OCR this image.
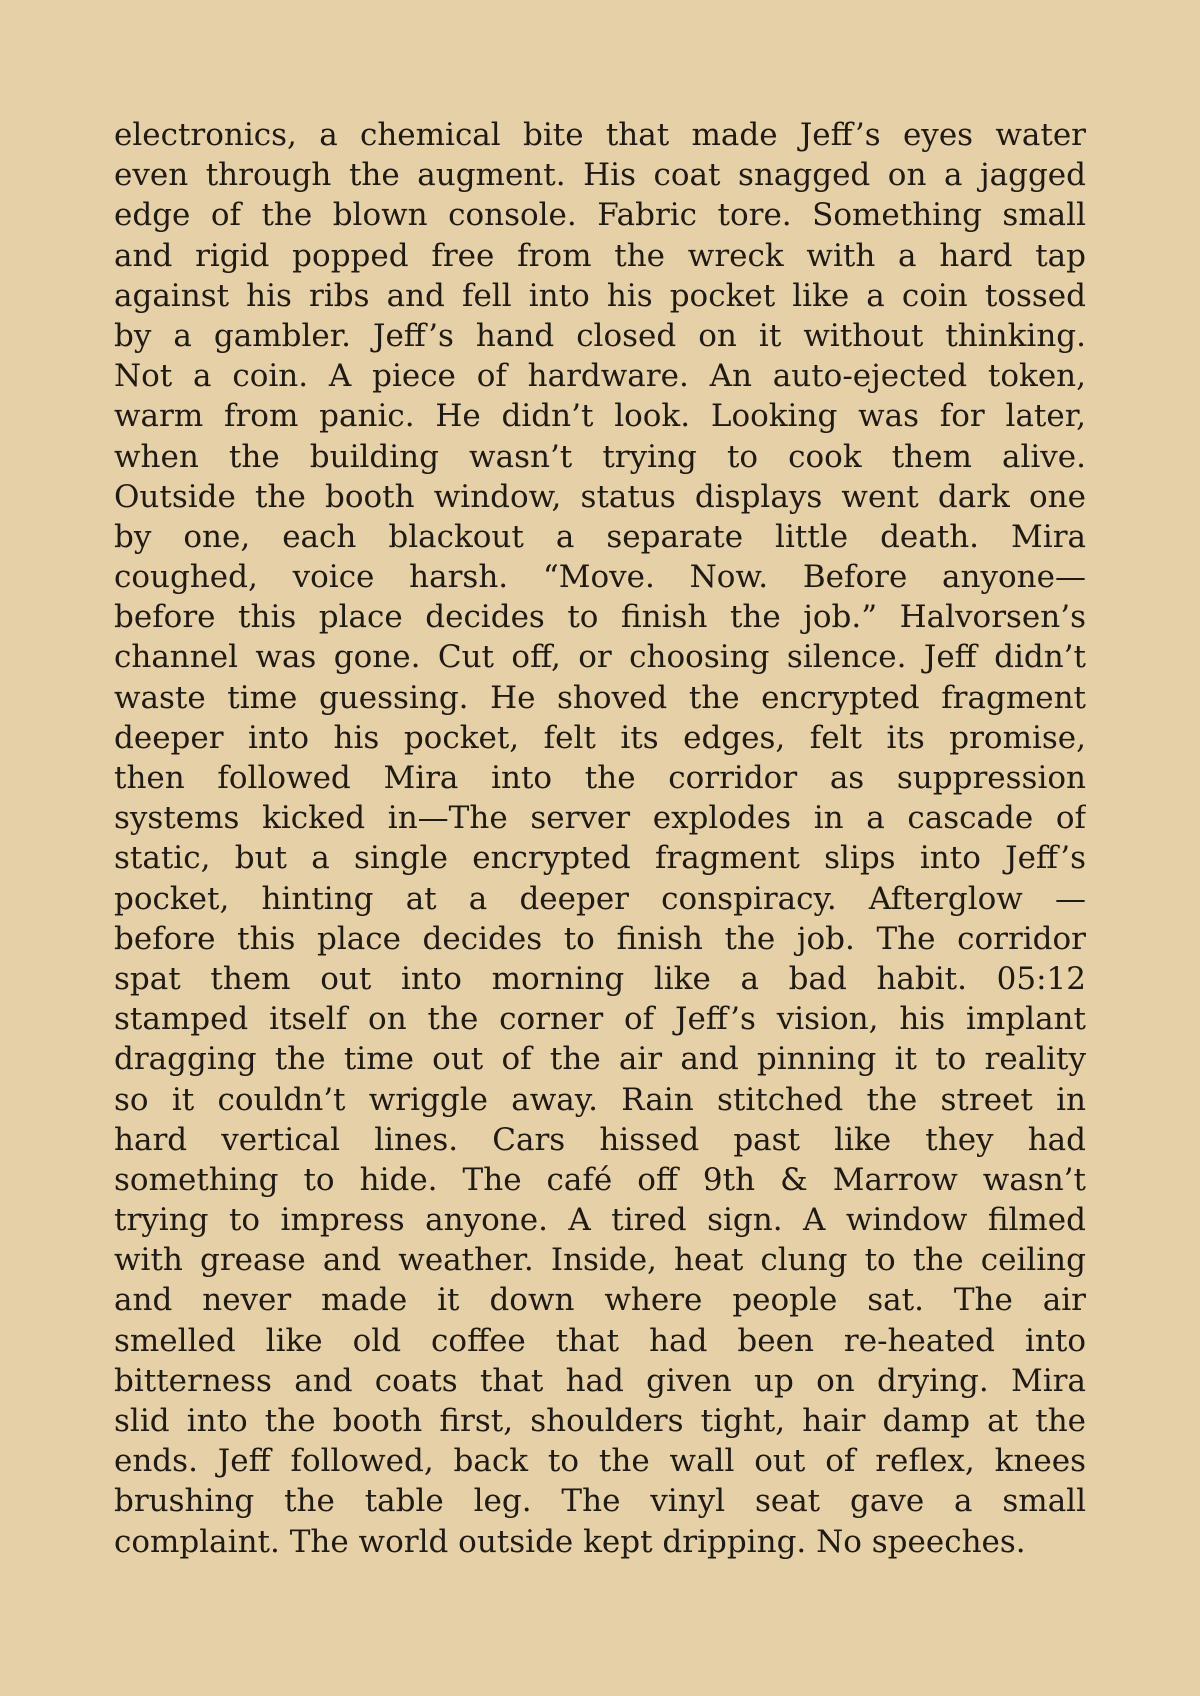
electronics, a chemical bite that made Jeff’s eyes water
even through the augment. His coat snagged on a jagged
edge of the blown console. Fabric tore. Something small
and rigid popped free from the wreck with a hard tap
against his ribs and fell into his pocket like a coin tossed
by a gambler. Jeff’s hand closed on it without thinking.
Not a coin. A piece of hardware. An auto-ejected token,
warm from panic. He didn’t look. Looking was for later,
when the building wasn’t trying to cook them alive.
Outside the booth window, status displays went dark one
by one, each blackout a separate little death. Mira
coughed, voice harsh. “Move. Now. Before anyone—
before this place decides to finish the job.” Halvorsen’s
channel was gone. Cut off, or choosing silence. Jeff didn’t
waste time guessing. He shoved the encrypted fragment
deeper into his pocket, felt its edges, felt its promise,
then followed Mira into the corridor as suppression
systems kicked in—The server explodes in a cascade of
static, but a single encrypted fragment slips into Jeff’s
pocket, hinting at a deeper conspiracy. Afterglow —
before this place decides to finish the job. The corridor
spat them out into morning like a bad habit. 05:12
stamped itself on the corner of Jeff’s vision, his implant
dragging the time out of the air and pinning it to reality
so it couldn’t wriggle away. Rain stitched the street in
hard vertical lines. Cars hissed past like they had
something to hide. The café off 9th & Marrow wasn’t
trying to impress anyone. A tired sign. A window filmed
with grease and weather. Inside, heat clung to the ceiling
and never made it down where people sat. The air
smelled like old coffee that had been re-heated into
bitterness and coats that had given up on drying. Mira
slid into the booth first, shoulders tight, hair damp at the
ends. Jeff followed, back to the wall out of reflex, knees
brushing the table leg. The vinyl seat gave a small
complaint. The world outside kept dripping. No speeches.
